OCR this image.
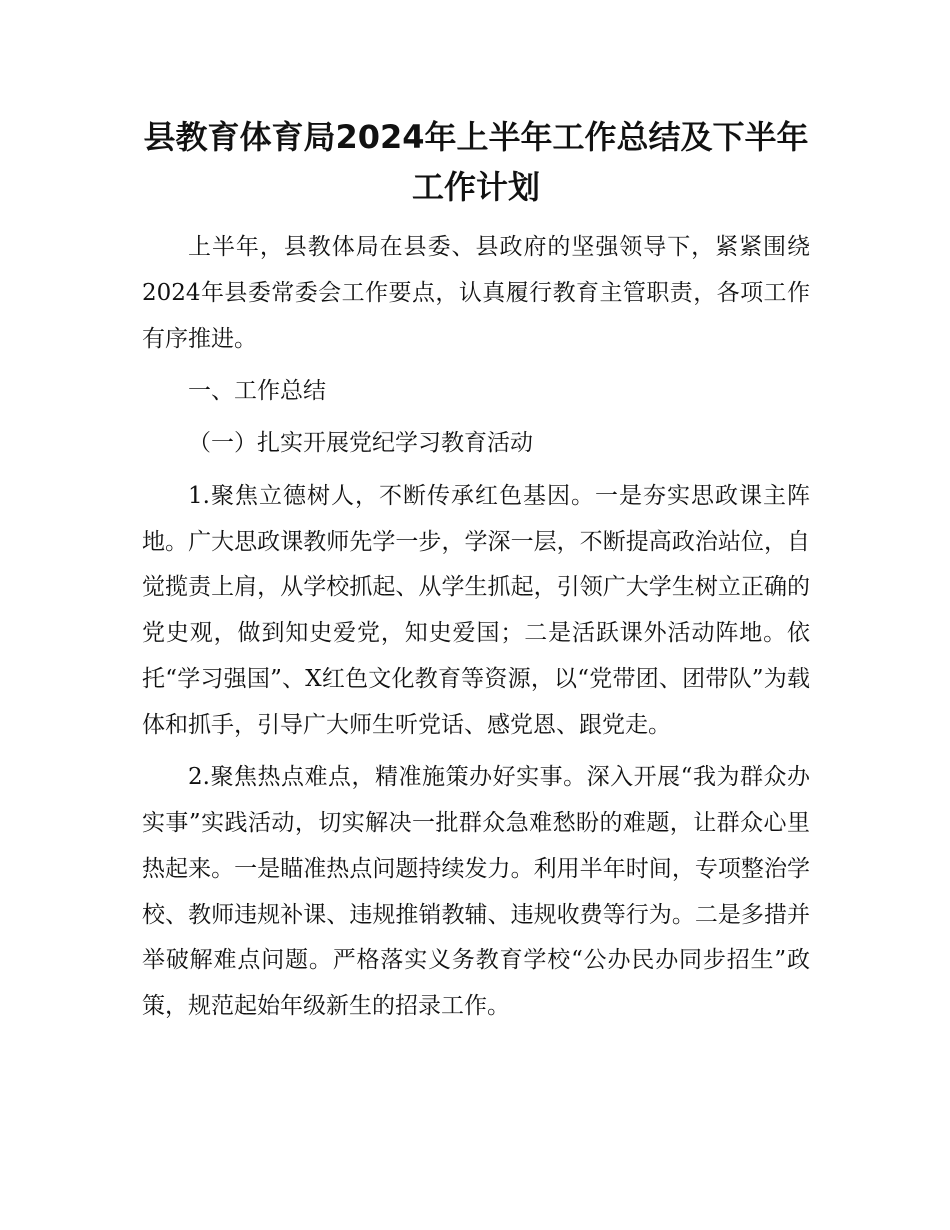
县教育体育局2024年上半年工作总结及下半年
工作计划

上半年，县教体局在县委、县政府的坚强领导下，紧紧围绕2024年县委常委会工作要点，认真履行教育主管职责，各项工作有序推进。

一、工作总结

（一）扎实开展党纪学习教育活动

1.聚焦立德树人，不断传承红色基因。一是夯实思政课主阵地。广大思政课教师先学一步，学深一层，不断提高政治站位，自觉揽责上肩，从学校抓起、从学生抓起，引领广大学生树立正确的党史观，做到知史爱党，知史爱国；二是活跃课外活动阵地。依托“学习强国”、X红色文化教育等资源，以“党带团、团带队”为载体和抓手，引导广大师生听党话、感党恩、跟党走。

2.聚焦热点难点，精准施策办好实事。深入开展“我为群众办实事”实践活动，切实解决一批群众急难愁盼的难题，让群众心里热起来。一是瞄准热点问题持续发力。利用半年时间，专项整治学校、教师违规补课、违规推销教辅、违规收费等行为。二是多措并举破解难点问题。严格落实义务教育学校“公办民办同步招生”政策，规范起始年级新生的招录工作。
